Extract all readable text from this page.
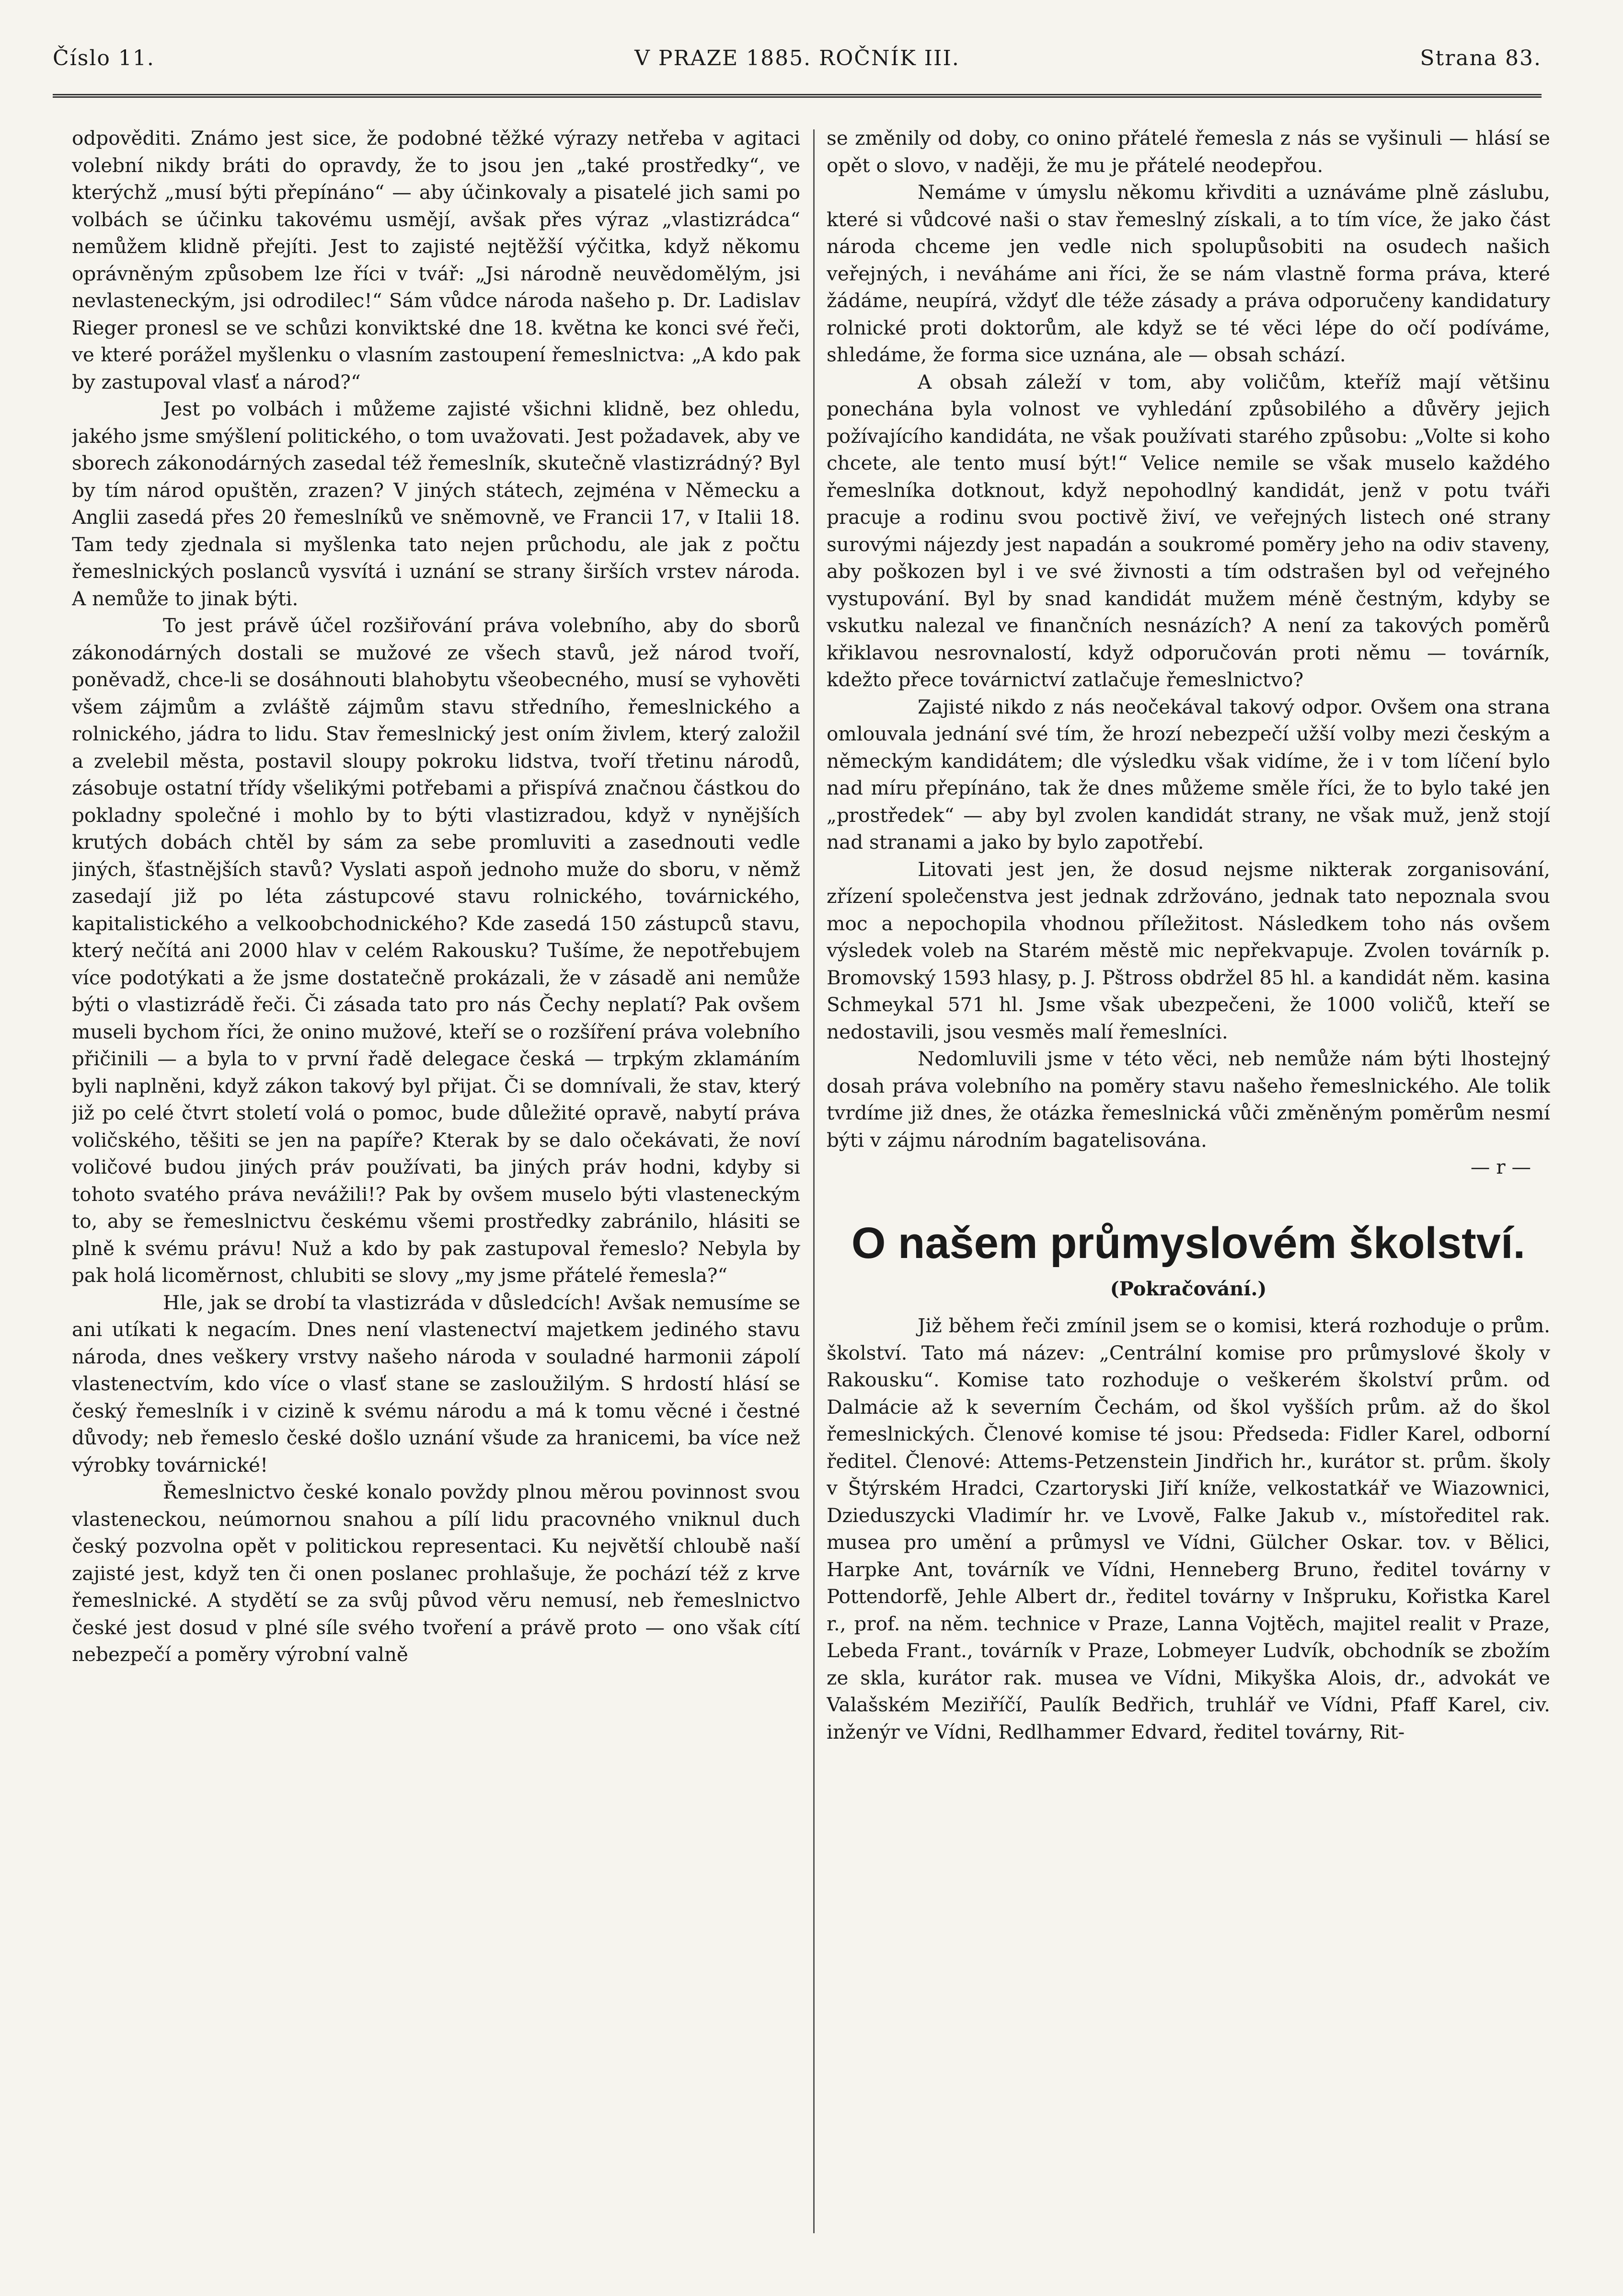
Číslo 11.	V PRAZE 1885. ROČNÍK III.	Strana 83.

odpověditi. Známo jest sice, že podobné těžké výrazy netřeba v agitaci volební nikdy bráti do opravdy, že to jsou jen „také prostředky“, ve kterýchž „musí býti přepínáno“ — aby účinkovaly a pisatelé jich sami po volbách se účinku takovému usmějí, avšak přes výraz „vlastizrádca“ nemůžem klidně přejíti. Jest to zajisté nejtěžší výčitka, když někomu oprávněným způsobem lze říci v tvář: „Jsi národně neuvědomělým, jsi nevlasteneckým, jsi odrodilec!“ Sám vůdce národa našeho p. Dr. Ladislav Rieger pronesl se ve schůzi konviktské dne 18. května ke konci své řeči, ve které porážel myšlenku o vlasním zastoupení řemeslnictva: „A kdo pak by zastupoval vlasť a národ?“

Jest po volbách i můžeme zajisté všichni klidně, bez ohledu, jakého jsme smýšlení politického, o tom uvažovati. Jest požadavek, aby ve sborech zákonodárných zasedal též řemeslník, skutečně vlastizrádný? Byl by tím národ opuštěn, zrazen? V jiných státech, zejména v Německu a Anglii zasedá přes 20 řemeslníků ve sněmovně, ve Francii 17, v Italii 18. Tam tedy zjednala si myšlenka tato nejen průchodu, ale jak z počtu řemeslnických poslanců vysvítá i uznání se strany širších vrstev národa. A nemůže to jinak býti.

To jest právě účel rozšiřování práva volebního, aby do sborů zákonodárných dostali se mužové ze všech stavů, jež národ tvoří, poněvadž, chce-li se dosáhnouti blahobytu všeobecného, musí se vyhověti všem zájmům a zvláště zájmům stavu středního, řemeslnického a rolnického, jádra to lidu. Stav řemeslnický jest oním živlem, který založil a zvelebil města, postavil sloupy pokroku lidstva, tvoří třetinu národů, zásobuje ostatní třídy všelikými potřebami a přispívá značnou částkou do pokladny společné i mohlo by to býti vlastizradou, když v nynějších krutých dobách chtěl by sám za sebe promluviti a zasednouti vedle jiných, šťastnějších stavů? Vyslati aspoň jednoho muže do sboru, v němž zasedají již po léta zástupcové stavu rolnického, továrnického, kapitalistického a velkoobchodnického? Kde zasedá 150 zástupců stavu, který nečítá ani 2000 hlav v celém Rakousku? Tušíme, že nepotřebujem více podotýkati a že jsme dostatečně prokázali, že v zásadě ani nemůže býti o vlastizrádě řeči. Či zásada tato pro nás Čechy neplatí? Pak ovšem museli bychom říci, že onino mužové, kteří se o rozšíření práva volebního přičinili — a byla to v první řadě delegace česká — trpkým zklamáním byli naplněni, když zákon takový byl přijat. Či se domnívali, že stav, který již po celé čtvrt století volá o pomoc, bude důležité opravě, nabytí práva voličského, těšiti se jen na papíře? Kterak by se dalo očekávati, že noví voličové budou jiných práv používati, ba jiných práv hodni, kdyby si tohoto svatého práva nevážili!? Pak by ovšem muselo býti vlasteneckým to, aby se řemeslnictvu českému všemi prostředky zabránilo, hlásiti se plně k svému právu! Nuž a kdo by pak zastupoval řemeslo? Nebyla by pak holá licoměrnost, chlubiti se slovy „my jsme přátelé řemesla?“

Hle, jak se drobí ta vlastizráda v důsledcích! Avšak nemusíme se ani utíkati k negacím. Dnes není vlastenectví majetkem jediného stavu národa, dnes veškery vrstvy našeho národa v souladné harmonii zápolí vlastenectvím, kdo více o vlasť stane se zasloužilým. S hrdostí hlásí se český řemeslník i v cizině k svému národu a má k tomu věcné i čestné důvody; neb řemeslo české došlo uznání všude za hranicemi, ba více než výrobky továrnické!

Řemeslnictvo české konalo povždy plnou měrou povinnost svou vlasteneckou, neúmornou snahou a pílí lidu pracovného vniknul duch český pozvolna opět v politickou representaci. Ku největší chloubě naší zajisté jest, když ten či onen poslanec prohlašuje, že pochází též z krve řemeslnické. A stydětí se za svůj původ věru nemusí, neb řemeslnictvo české jest dosud v plné síle svého tvoření a právě proto — ono však cítí nebezpečí a poměry výrobní valně

se změnily od doby, co onino přátelé řemesla z nás se vyšinuli — hlásí se opět o slovo, v naději, že mu je přátelé neodepřou.

Nemáme v úmyslu někomu křivditi a uznáváme plně záslubu, které si vůdcové naši o stav řemeslný získali, a to tím více, že jako část národa chceme jen vedle nich spolupůsobiti na osudech našich veřejných, i neváháme ani říci, že se nám vlastně forma práva, které žádáme, neupírá, vždyť dle téže zásady a práva odporučeny kandidatury rolnické proti doktorům, ale když se té věci lépe do očí podíváme, shledáme, že forma sice uznána, ale — obsah schází.

A obsah záleží v tom, aby voličům, kteříž mají většinu ponechána byla volnost ve vyhledání způsobilého a důvěry jejich požívajícího kandidáta, ne však používati starého způsobu: „Volte si koho chcete, ale tento musí být!“ Velice nemile se však muselo každého řemeslníka dotknout, když nepohodlný kandidát, jenž v potu tváři pracuje a rodinu svou poctivě živí, ve veřejných listech oné strany surovými nájezdy jest napadán a soukromé poměry jeho na odiv staveny, aby poškozen byl i ve své živnosti a tím odstrašen byl od veřejného vystupování. Byl by snad kandidát mužem méně čestným, kdyby se vskutku nalezal ve finančních nesnázích? A není za takových poměrů křiklavou nesrovnalostí, když odporučován proti němu — továrník, kdežto přece továrnictví zatlačuje řemeslnictvo?

Zajisté nikdo z nás neočekával takový odpor. Ovšem ona strana omlouvala jednání své tím, že hrozí nebezpečí užší volby mezi českým a německým kandidátem; dle výsledku však vidíme, že i v tom líčení bylo nad míru přepínáno, tak že dnes můžeme směle říci, že to bylo také jen „prostředek“ — aby byl zvolen kandidát strany, ne však muž, jenž stojí nad stranami a jako by bylo zapotřebí.

Litovati jest jen, že dosud nejsme nikterak zorganisování, zřízení společenstva jest jednak zdržováno, jednak tato nepoznala svou moc a nepochopila vhodnou příležitost. Následkem toho nás ovšem výsledek voleb na Starém městě mic nepřekvapuje. Zvolen továrník p. Bromovský 1593 hlasy, p. J. Pštross obdržel 85 hl. a kandidát něm. kasina Schmeykal 571 hl. Jsme však ubezpečeni, že 1000 voličů, kteří se nedostavili, jsou vesměs malí řemeslníci.

Nedomluvili jsme v této věci, neb nemůže nám býti lhostejný dosah práva volebního na poměry stavu našeho řemeslnického. Ale tolik tvrdíme již dnes, že otázka řemeslnická vůči změněným poměrům nesmí býti v zájmu národním bagatelisována.

— r —

O našem průmyslovém školství.
(Pokračování.)

Již během řeči zmínil jsem se o komisi, která rozhoduje o prům. školství. Tato má název: „Centrální komise pro průmyslové školy v Rakousku“. Komise tato rozhoduje o veškerém školství prům. od Dalmácie až k severním Čechám, od škol vyšších prům. až do škol řemeslnických. Členové komise té jsou: Předseda: Fidler Karel, odborní ředitel. Členové: Attems-Petzenstein Jindřich hr., kurátor st. prům. školy v Štýrském Hradci, Czartoryski Jiří kníže, velkostatkář ve Wiazownici, Dzieduszycki Vladimír hr. ve Lvově, Falke Jakub v., místoředitel rak. musea pro umění a průmysl ve Vídni, Gülcher Oskar. tov. v Bělici, Harpke Ant, továrník ve Vídni, Henneberg Bruno, ředitel továrny v Pottendorfě, Jehle Albert dr., ředitel továrny v Inšpruku, Kořistka Karel r., prof. na něm. technice v Praze, Lanna Vojtěch, majitel realit v Praze, Lebeda Frant., továrník v Praze, Lobmeyer Ludvík, obchodník se zbožím ze skla, kurátor rak. musea ve Vídni, Mikyška Alois, dr., advokát ve Valašském Meziříčí, Paulík Bedřich, truhlář ve Vídni, Pfaff Karel, civ. inženýr ve Vídni, Redlhammer Edvard, ředitel továrny, Rit-
